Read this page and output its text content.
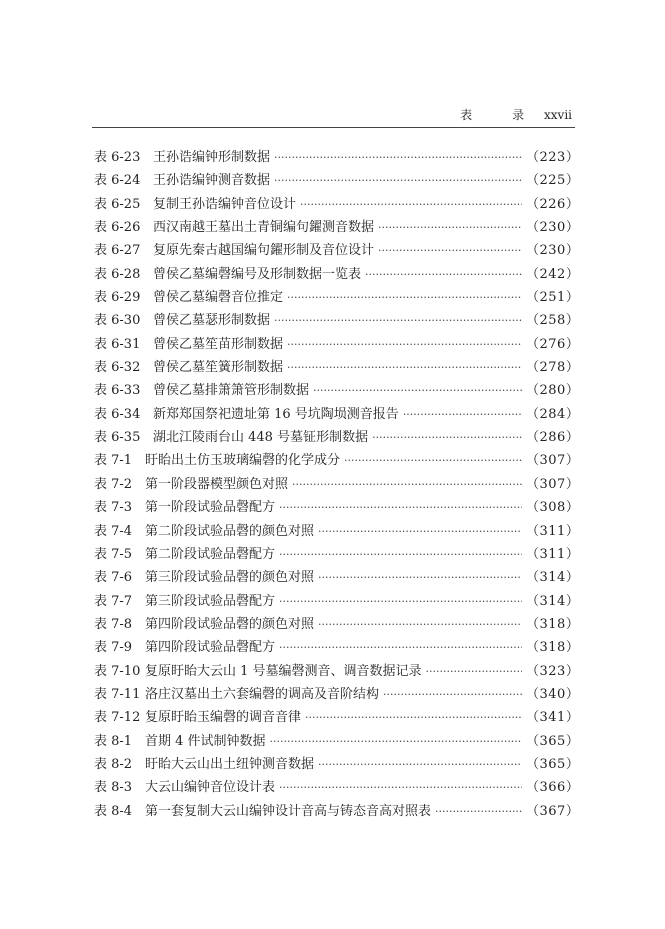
表　录 xxvii
表 6-23 王孙诰编钟形制数据 ·····	（223）
表 6-24 王孙诰编钟测音数据 ·····	（225）
表 6-25 复制王孙诰编钟音位设计 ·····	（226）
表 6-26 西汉南越王墓出土青铜编句鑃测音数据 ·····	（230）
表 6-27 复原先秦古越国编句鑃形制及音位设计 ·····	（230）
表 6-28 曾侯乙墓编磬编号及形制数据一览表 ·····	（242）
表 6-29 曾侯乙墓编磬音位推定 ·····	（251）
表 6-30 曾侯乙墓瑟形制数据 ·····	（258）
表 6-31 曾侯乙墓笙苗形制数据 ·····	（276）
表 6-32 曾侯乙墓笙簧形制数据 ·····	（278）
表 6-33 曾侯乙墓排箫箫管形制数据 ·····	（280）
表 6-34 新郑郑国祭祀遗址第 16 号坑陶埙测音报告 ·····	（284）
表 6-35 湖北江陵雨台山 448 号墓钲形制数据 ·····	（286）
表 7-1 盱眙出土仿玉玻璃编磬的化学成分 ·····	（307）
表 7-2 第一阶段器模型颜色对照 ·····	（307）
表 7-3 第一阶段试验品磬配方 ·····	（308）
表 7-4 第二阶段试验品磬的颜色对照 ·····	（311）
表 7-5 第二阶段试验品磬配方 ·····	（311）
表 7-6 第三阶段试验品磬的颜色对照 ·····	（314）
表 7-7 第三阶段试验品磬配方 ·····	（314）
表 7-8 第四阶段试验品磬的颜色对照 ·····	（318）
表 7-9 第四阶段试验品磬配方 ·····	（318）
表 7-10 复原盱眙大云山 1 号墓编磬测音、调音数据记录 ·····	（323）
表 7-11 洛庄汉墓出土六套编磬的调高及音阶结构 ·····	（340）
表 7-12 复原盱眙玉编磬的调音音律 ·····	（341）
表 8-1 首期 4 件试制钟数据 ·····	（365）
表 8-2 盱眙大云山出土纽钟测音数据 ·····	（365）
表 8-3 大云山编钟音位设计表 ·····	（366）
表 8-4 第一套复制大云山编钟设计音高与铸态音高对照表 ·····	（367）
